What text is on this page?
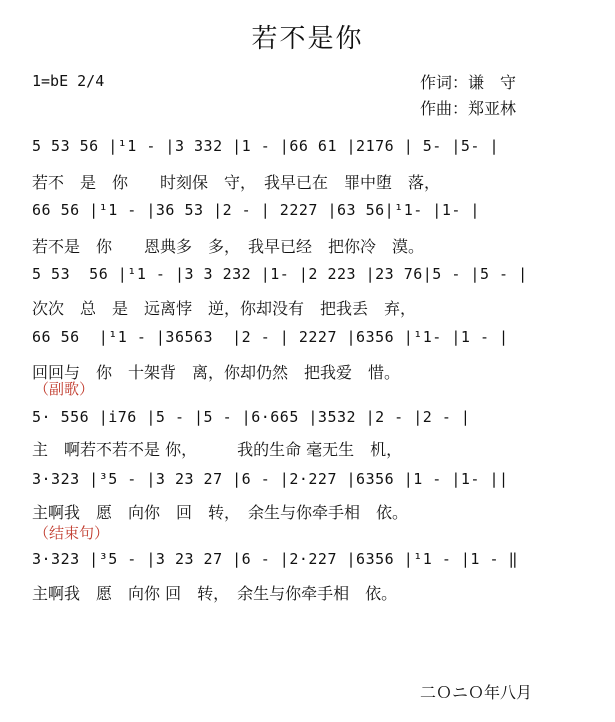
若不是你
1=bE 2/4	作词：谦　守
作曲：郑亚林
5 53 56 |¹1 - |3 332 |1 - |66 61 |2176 | 5- |5- |
若不　是　你　　时刻保　守，　我早已在　罪中堕　落，
66 56 |¹1 - |36 53 |2 - | 2227 |63 56|¹1- |1- |
若不是　你　　恩典多　多，　我早已经　把你冷　漠。
5 53  56 |¹1 - |3 3 232 |1- |2 223 |23 76|5 - |5 - |
次次　总　是　远离悖　逆，你却没有　把我丢　弃，
66 56  |¹1 - |36563  |2 - | 2227 |6356 |¹1- |1 - |
回回与　你　十架背　离，你却仍然　把我爱　惜。
（副歌）
5· 556 |i76 |5 - |5 - |6·665 |3532 |2 - |2 - |
主　啊若不若不是 你，　　　我的生命 毫无生　机，
3·323 |³5 - |3 23 27 |6 - |2·227 |6356 |1 - |1- ||
主啊我　愿　向你　回　转，　余生与你牵手相　依。
（结束句）
3·323 |³5 - |3 23 27 |6 - |2·227 |6356 |¹1 - |1 - ‖
主啊我　愿　向你 回　转，　余生与你牵手相　依。
二ＯニＯ年八月
